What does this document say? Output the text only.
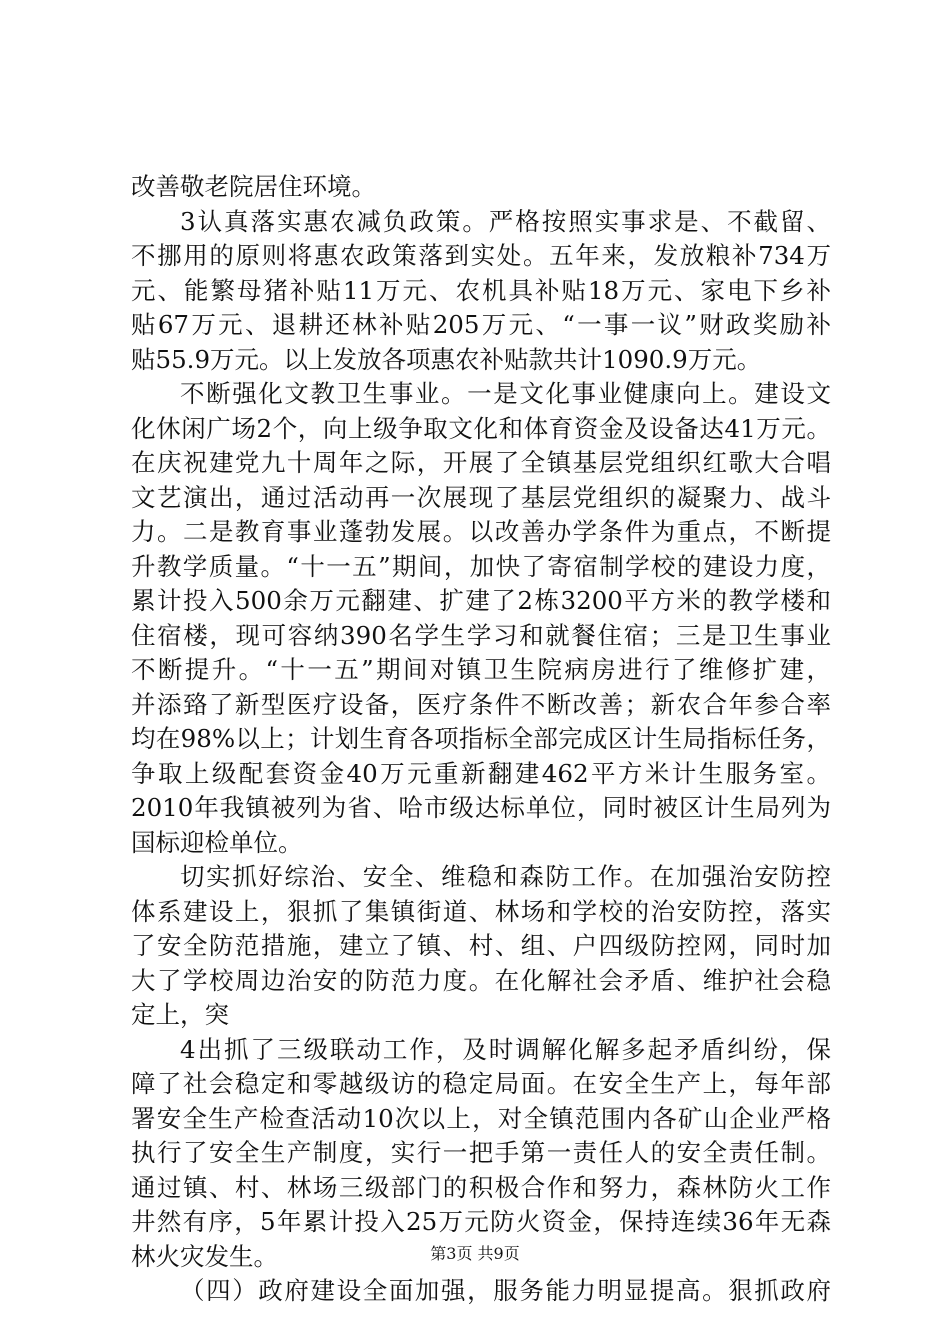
改善敬老院居住环境。
3认真落实惠农减负政策。严格按照实事求是、不截留、
不挪用的原则将惠农政策落到实处。五年来，发放粮补734万
元、能繁母猪补贴11万元、农机具补贴18万元、家电下乡补
贴67万元、退耕还林补贴205万元、“一事一议”财政奖励补
贴55.9万元。以上发放各项惠农补贴款共计1090.9万元。
不断强化文教卫生事业。一是文化事业健康向上。建设文
化休闲广场2个，向上级争取文化和体育资金及设备达41万元。
在庆祝建党九十周年之际，开展了全镇基层党组织红歌大合唱
文艺演出，通过活动再一次展现了基层党组织的凝聚力、战斗
力。二是教育事业蓬勃发展。以改善办学条件为重点，不断提
升教学质量。“十一五”期间，加快了寄宿制学校的建设力度，
累计投入500余万元翻建、扩建了2栋3200平方米的教学楼和
住宿楼，现可容纳390名学生学习和就餐住宿；三是卫生事业
不断提升。“十一五”期间对镇卫生院病房进行了维修扩建，
并添臵了新型医疗设备，医疗条件不断改善；新农合年参合率
均在98%以上；计划生育各项指标全部完成区计生局指标任务，
争取上级配套资金40万元重新翻建462平方米计生服务室。
2010年我镇被列为省、哈市级达标单位，同时被区计生局列为
国标迎检单位。
切实抓好综治、安全、维稳和森防工作。在加强治安防控
体系建设上，狠抓了集镇街道、林场和学校的治安防控，落实
了安全防范措施，建立了镇、村、组、户四级防控网，同时加
大了学校周边治安的防范力度。在化解社会矛盾、维护社会稳
定上，突
4出抓了三级联动工作，及时调解化解多起矛盾纠纷，保
障了社会稳定和零越级访的稳定局面。在安全生产上，每年部
署安全生产检查活动10次以上，对全镇范围内各矿山企业严格
执行了安全生产制度，实行一把手第一责任人的安全责任制。
通过镇、村、林场三级部门的积极合作和努力，森林防火工作
井然有序，5年累计投入25万元防火资金，保持连续36年无森
林火灾发生。
（四）政府建设全面加强，服务能力明显提高。狠抓政府
第3页 共9页
